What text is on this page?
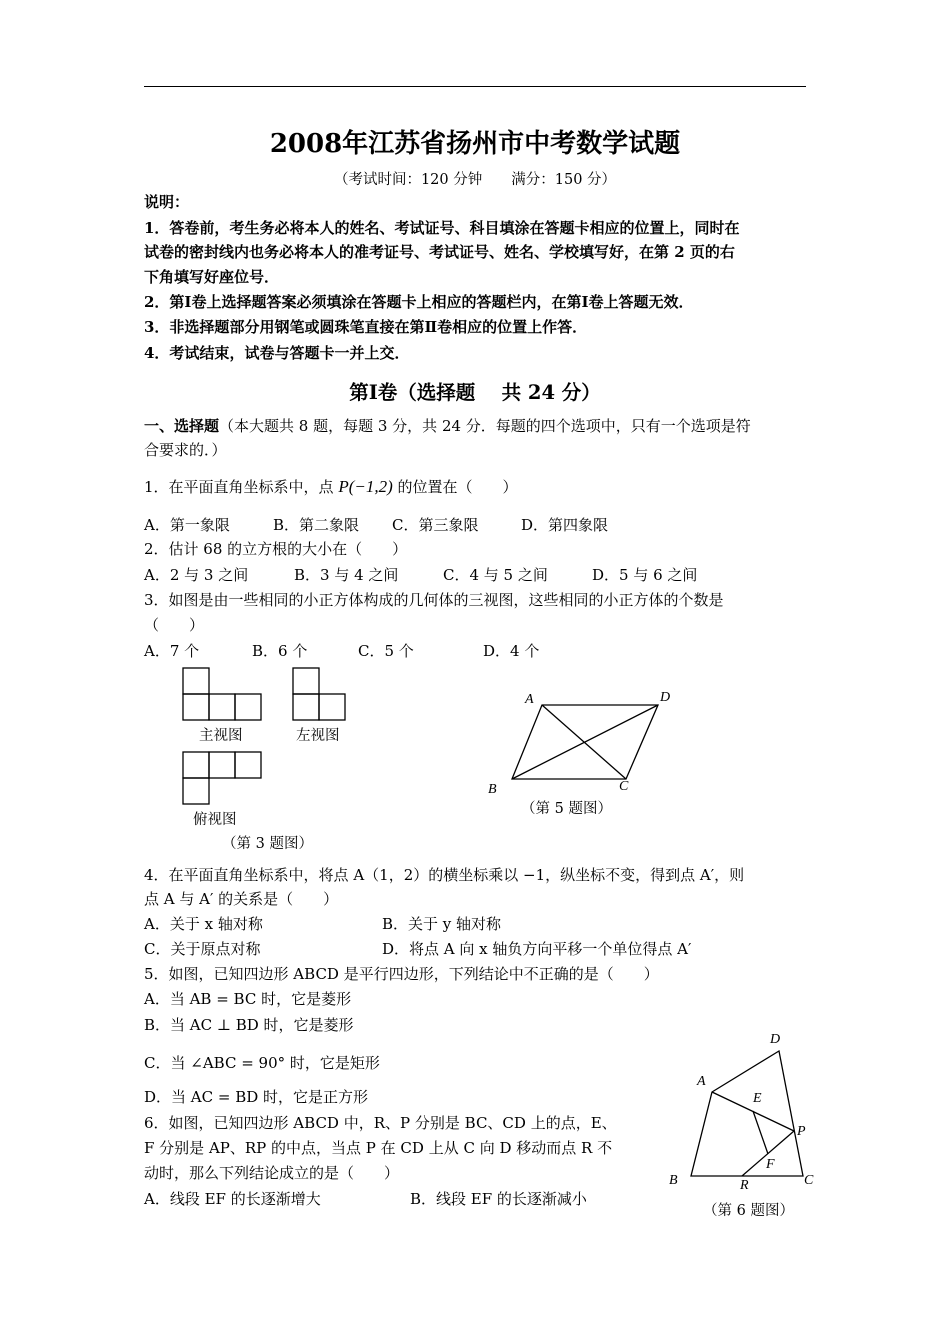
2008年江苏省扬州市中考数学试题
（考试时间：120 分钟　　满分：150 分）
说明：
1．答卷前，考生务必将本人的姓名、考试证号、科目填涂在答题卡相应的位置上，同时在
试卷的密封线内也务必将本人的准考证号、考试证号、姓名、学校填写好，在第 2 页的右
下角填写好座位号．
2．第Ⅰ卷上选择题答案必须填涂在答题卡上相应的答题栏内，在第Ⅰ卷上答题无效．
3．非选择题部分用钢笔或圆珠笔直接在第Ⅱ卷相应的位置上作答．
4．考试结束，试卷与答题卡一并上交．
第Ⅰ卷（选择题　 共 24 分）
一、选择题（本大题共 8 题，每题 3 分，共 24 分．每题的四个选项中，只有一个选项是符
合要求的．）
1．在平面直角坐标系中，点 P(−1,2) 的位置在（　　）
A．第一象限	B．第二象限 C．第三象限	D．第四象限
2．估计 68 的立方根的大小在（　　）
A．2 与 3 之间	B．3 与 4 之间	C．4 与 5 之间	D．5 与 6 之间
3．如图是由一些相同的小正方体构成的几何体的三视图，这些相同的小正方体的个数是
（　　）
A．7 个	B．6 个	C．5 个	D．4 个
主视图	左视图
俯视图
（第 3 题图）
A	D
B	C
（第 5 题图）
4．在平面直角坐标系中，将点 A（1，2）的横坐标乘以 −1，纵坐标不变，得到点 A′，则
点 A 与 A′ 的关系是（　　）
A．关于 x 轴对称	B．关于 y 轴对称
C．关于原点对称	D．将点 A 向 x 轴负方向平移一个单位得点 A′
5．如图，已知四边形 ABCD 是平行四边形，下列结论中不正确的是（　　）
A．当 AB = BC 时，它是菱形
B．当 AC ⊥ BD 时，它是菱形
C．当 ∠ABC = 90° 时，它是矩形
D．当 AC = BD 时，它是正方形
6．如图，已知四边形 ABCD 中，R、P 分别是 BC、CD 上的点，E、
F 分别是 AP、RP 的中点，当点 P 在 CD 上从 C 向 D 移动而点 R 不
动时，那么下列结论成立的是（　　）
A．线段 EF 的长逐渐增大	B．线段 EF 的长逐渐减小
D
A
E
P
F
B	R	C
（第 6 题图）
